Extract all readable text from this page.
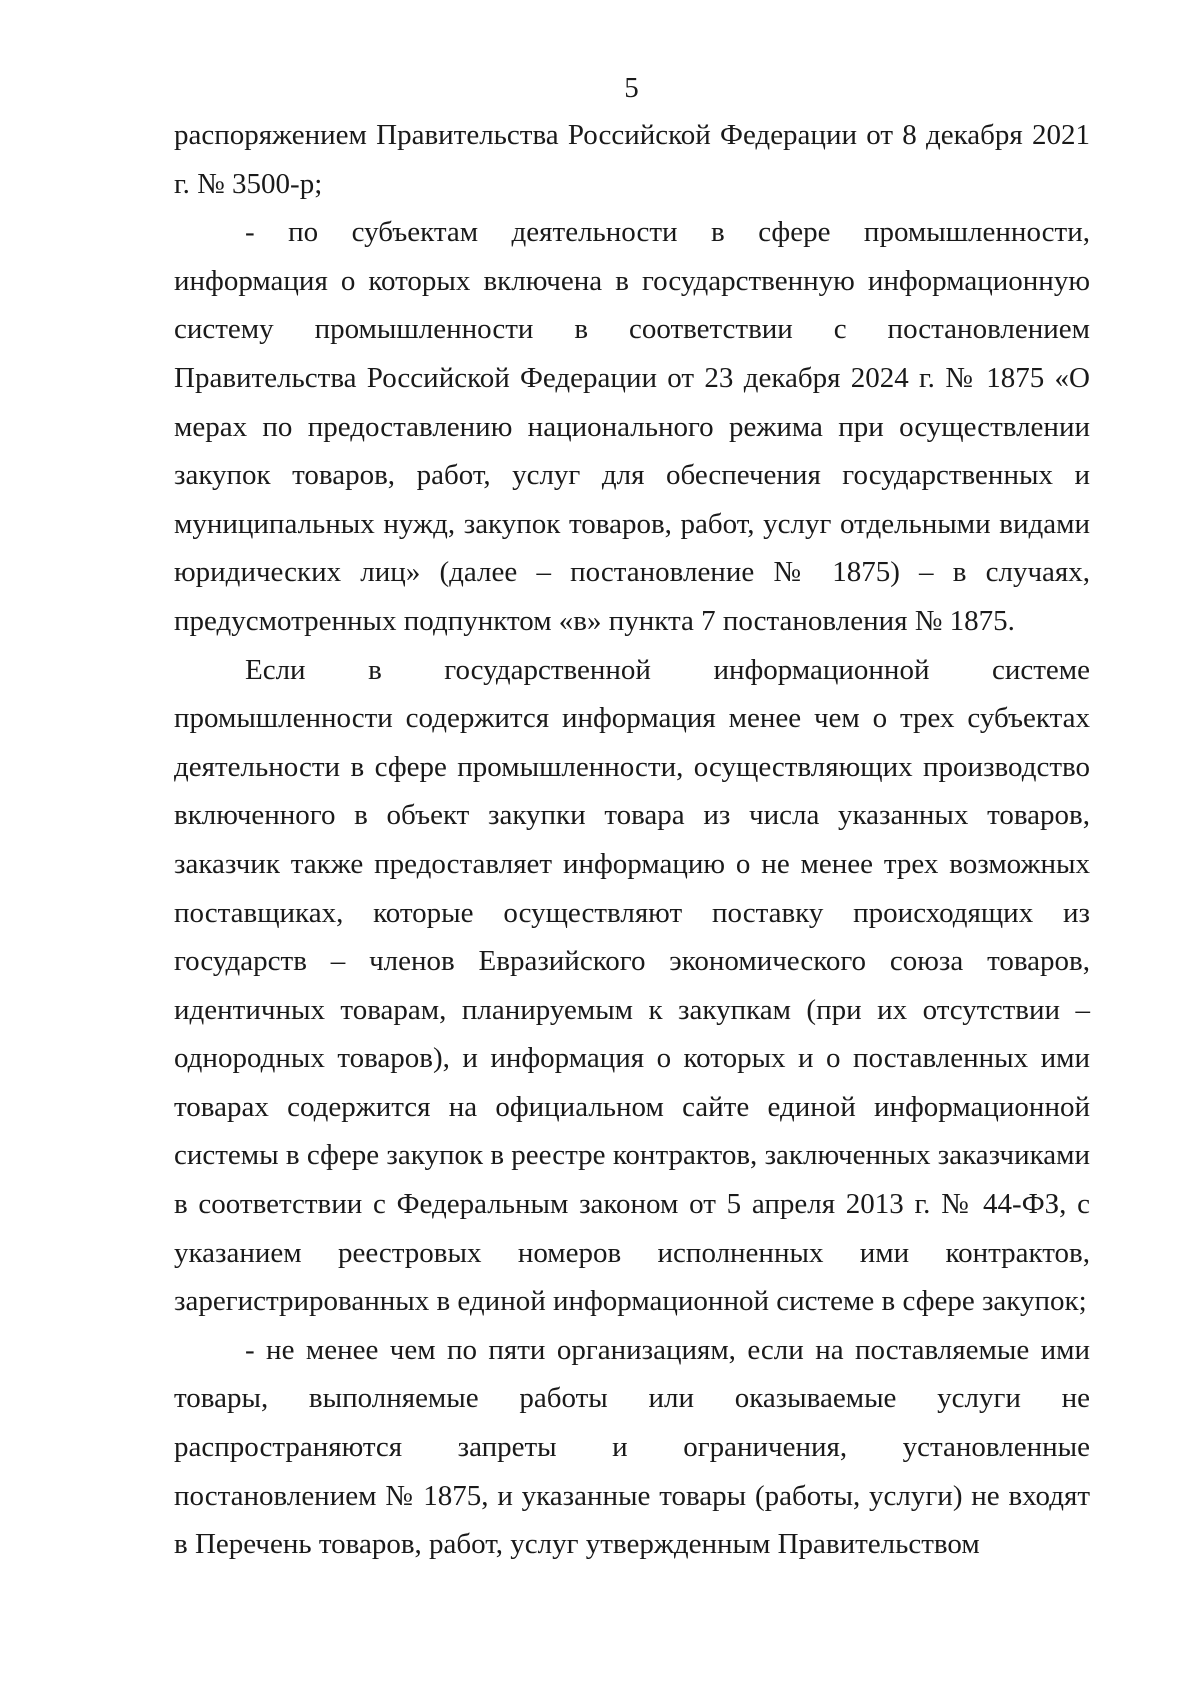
5

распоряжением Правительства Российской Федерации от 8 декабря 2021 г. № 3500-р;

- по субъектам деятельности в сфере промышленности, информация о которых включена в государственную информационную систему промышленности в соответствии с постановлением Правительства Российской Федерации от 23 декабря 2024 г. № 1875 «О мерах по предоставлению национального режима при осуществлении закупок товаров, работ, услуг для обеспечения государственных и муниципальных нужд, закупок товаров, работ, услуг отдельными видами юридических лиц» (далее – постановление № 1875) – в случаях, предусмотренных подпунктом «в» пункта 7 постановления № 1875.

Если в государственной информационной системе промышленности содержится информация менее чем о трех субъектах деятельности в сфере промышленности, осуществляющих производство включенного в объект закупки товара из числа указанных товаров, заказчик также предоставляет информацию о не менее трех возможных поставщиках, которые осуществляют поставку происходящих из государств – членов Евразийского экономического союза товаров, идентичных товарам, планируемым к закупкам (при их отсутствии – однородных товаров), и информация о которых и о поставленных ими товарах содержится на официальном сайте единой информационной системы в сфере закупок в реестре контрактов, заключенных заказчиками в соответствии с Федеральным законом от 5 апреля 2013 г. № 44-ФЗ, с указанием реестровых номеров исполненных ими контрактов, зарегистрированных в единой информационной системе в сфере закупок;

- не менее чем по пяти организациям, если на поставляемые ими товары, выполняемые работы или оказываемые услуги не распространяются запреты и ограничения, установленные постановлением № 1875, и указанные товары (работы, услуги) не входят в Перечень товаров, работ, услуг утвержденным Правительством
